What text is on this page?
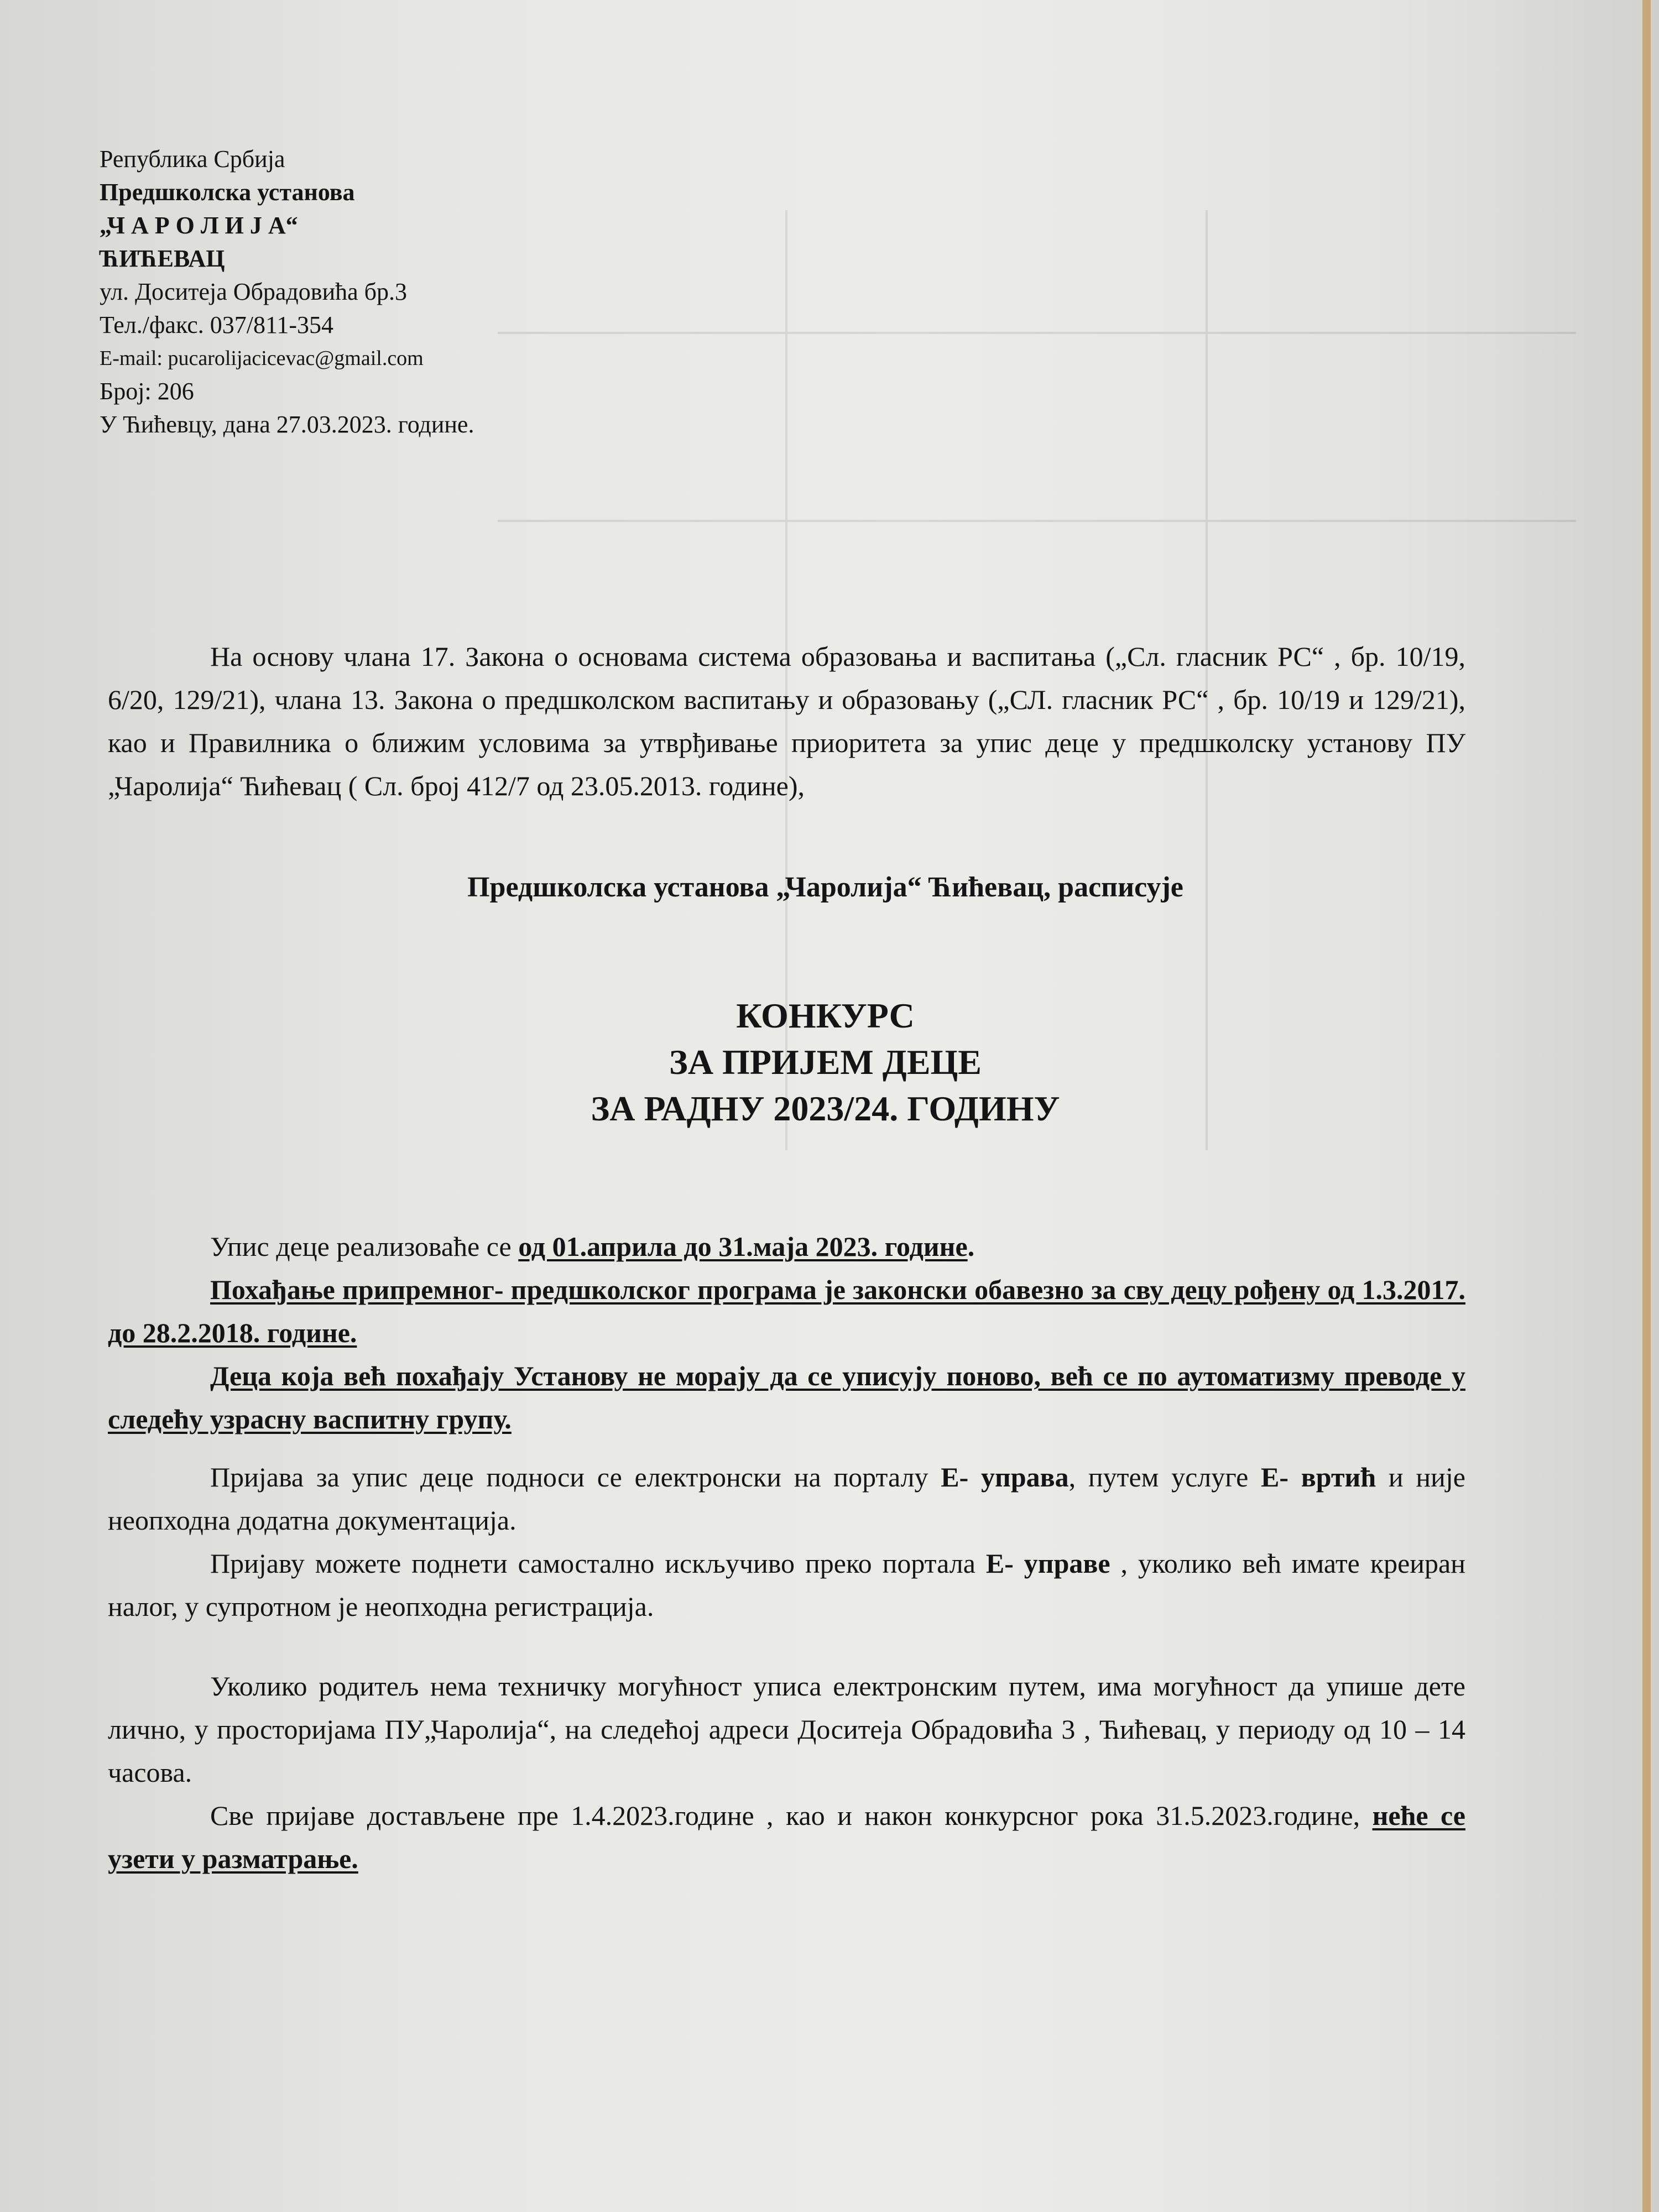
Република Србија
Предшколска установа
„Ч А Р О Л И Ј А“
ЋИЋЕВАЦ
ул. Доситеја Обрадовића бр.3
Тел./факс. 037/811-354
E-mail: pucarolijacicevac@gmail.com
Број: 206
У Ћићевцу, дана 27.03.2023. године.
На основу члана 17. Закона о основама система образовања и васпитања („Сл. гласник РС“ , бр. 10/19, 6/20, 129/21), члана 13. Закона о предшколском васпитању и образовању („СЛ. гласник РС“ , бр. 10/19 и 129/21), као и Правилника о ближим условима за утврђивање приоритета за упис деце у предшколску установу ПУ „Чаролија“ Ћићевац ( Сл. број 412/7 од 23.05.2013. године),
Предшколска установа „Чаролија“ Ћићевац, расписује
КОНКУРС
ЗА ПРИЈЕМ ДЕЦЕ
ЗА РАДНУ 2023/24. ГОДИНУ
Упис деце реализоваће се од 01.априла до 31.маја 2023. године.
Похађање припремног- предшколског програма је законски обавезно за сву децу рођену од 1.3.2017. до 28.2.2018. године.
Деца која већ похађају Установу не морају да се уписују поново, већ се по аутоматизму преводе у следећу узрасну васпитну групу.
Пријава за упис деце подноси се електронски на порталу Е- управа, путем услуге Е- вртић и није неопходна додатна документација.
Пријаву можете поднети самостално искључиво преко портала Е- управе , уколико већ имате креиран налог, у супротном је неопходна регистрација.
Уколико родитељ нема техничку могућност уписа електронским путем, има могућност да упише дете лично, у просторијама ПУ„Чаролија“, на следећој адреси Доситеја Обрадовића 3 , Ћићевац, у периоду од 10 – 14 часова.
Све пријаве достављене пре 1.4.2023.године , као и након конкурсног рока 31.5.2023.године, неће се узети у разматрање.
